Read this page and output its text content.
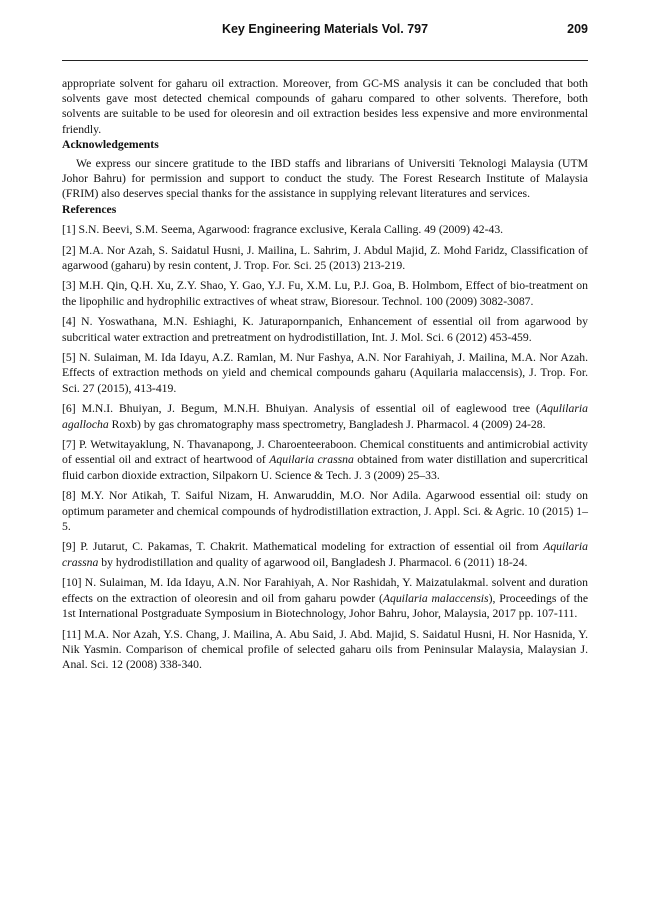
Key Engineering Materials Vol. 797	209

appropriate solvent for gaharu oil extraction. Moreover, from GC-MS analysis it can be concluded that both solvents gave most detected chemical compounds of gaharu compared to other solvents. Therefore, both solvents are suitable to be used for oleoresin and oil extraction besides less expensive and more environmental friendly.

Acknowledgements

We express our sincere gratitude to the IBD staffs and librarians of Universiti Teknologi Malaysia (UTM Johor Bahru) for permission and support to conduct the study. The Forest Research Institute of Malaysia (FRIM) also deserves special thanks for the assistance in supplying relevant literatures and services.

References
[1] S.N. Beevi, S.M. Seema, Agarwood: fragrance exclusive, Kerala Calling. 49 (2009) 42-43.
[2] M.A. Nor Azah, S. Saidatul Husni, J. Mailina, L. Sahrim, J. Abdul Majid, Z. Mohd Faridz, Classification of agarwood (gaharu) by resin content, J. Trop. For. Sci. 25 (2013) 213-219.
[3] M.H. Qin, Q.H. Xu, Z.Y. Shao, Y. Gao, Y.J. Fu, X.M. Lu, P.J. Goa, B. Holmbom, Effect of bio-treatment on the lipophilic and hydrophilic extractives of wheat straw, Bioresour. Technol. 100 (2009) 3082-3087.
[4] N. Yoswathana, M.N. Eshiaghi, K. Jaturapornpanich, Enhancement of essential oil from agarwood by subcritical water extraction and pretreatment on hydrodistillation, Int. J. Mol. Sci. 6 (2012) 453-459.
[5] N. Sulaiman, M. Ida Idayu, A.Z. Ramlan, M. Nur Fashya, A.N. Nor Farahiyah, J. Mailina, M.A. Nor Azah. Effects of extraction methods on yield and chemical compounds gaharu (Aquilaria malaccensis), J. Trop. For. Sci. 27 (2015), 413-419.
[6] M.N.I. Bhuiyan, J. Begum, M.N.H. Bhuiyan. Analysis of essential oil of eaglewood tree (Aqulilaria agallocha Roxb) by gas chromatography mass spectrometry, Bangladesh J. Pharmacol. 4 (2009) 24-28.
[7] P. Wetwitayaklung, N. Thavanapong, J. Charoenteeraboon. Chemical constituents and antimicrobial activity of essential oil and extract of heartwood of Aquilaria crassna obtained from water distillation and supercritical fluid carbon dioxide extraction, Silpakorn U. Science & Tech. J. 3 (2009) 25–33.
[8] M.Y. Nor Atikah, T. Saiful Nizam, H. Anwaruddin, M.O. Nor Adila. Agarwood essential oil: study on optimum parameter and chemical compounds of hydrodistillation extraction, J. Appl. Sci. & Agric. 10 (2015) 1–5.
[9] P. Jutarut, C. Pakamas, T. Chakrit. Mathematical modeling for extraction of essential oil from Aquilaria crassna by hydrodistillation and quality of agarwood oil, Bangladesh J. Pharmacol. 6 (2011) 18-24.
[10] N. Sulaiman, M. Ida Idayu, A.N. Nor Farahiyah, A. Nor Rashidah, Y. Maizatulakmal. solvent and duration effects on the extraction of oleoresin and oil from gaharu powder (Aquilaria malaccensis), Proceedings of the 1st International Postgraduate Symposium in Biotechnology, Johor Bahru, Johor, Malaysia, 2017 pp. 107-111.
[11] M.A. Nor Azah, Y.S. Chang, J. Mailina, A. Abu Said, J. Abd. Majid, S. Saidatul Husni, H. Nor Hasnida, Y. Nik Yasmin. Comparison of chemical profile of selected gaharu oils from Peninsular Malaysia, Malaysian J. Anal. Sci. 12 (2008) 338-340.
